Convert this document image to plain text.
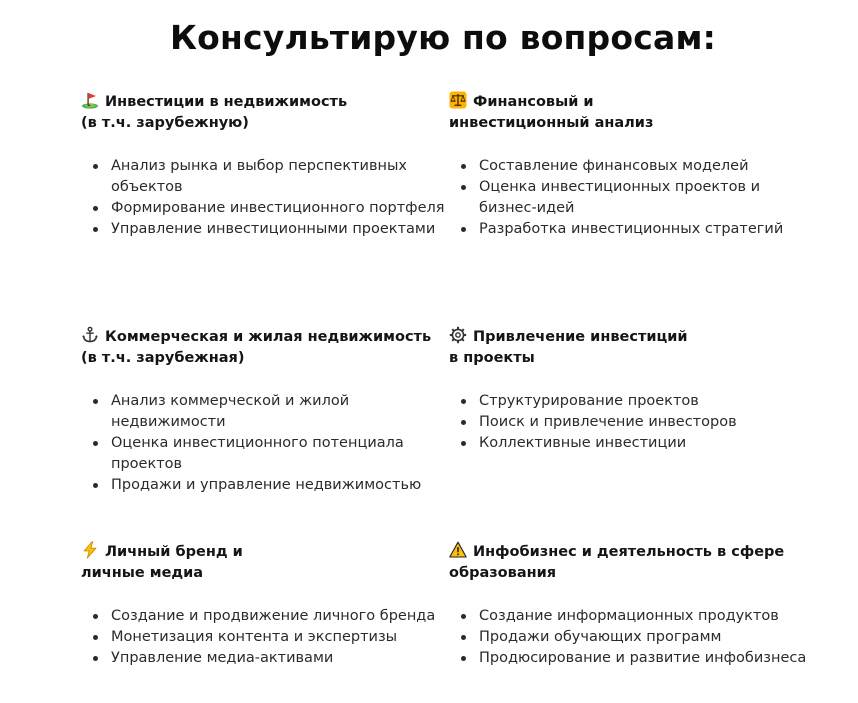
Консультирую по вопросам:
Инвестиции в недвижимость
(в т.ч. зарубежную)
Анализ рынка и выбор перспективных объектов
Формирование инвестиционного портфеля
Управление инвестиционными проектами
Финансовый и
инвестиционный анализ
Составление финансовых моделей
Оценка инвестиционных проектов и бизнес-идей
Разработка инвестиционных стратегий
Коммерческая и жилая недвижимость
(в т.ч. зарубежная)
Анализ коммерческой и жилой недвижимости
Оценка инвестиционного потенциала проектов
Продажи и управление недвижимостью
Привлечение инвестиций
в проекты
Структурирование проектов
Поиск и привлечение инвесторов
Коллективные инвестиции
Личный бренд и
личные медиа
Создание и продвижение личного бренда
Монетизация контента и экспертизы
Управление медиа-активами
Инфобизнес и деятельность в сфере
образования
Создание информационных продуктов
Продажи обучающих программ
Продюсирование и развитие инфобизнеса
